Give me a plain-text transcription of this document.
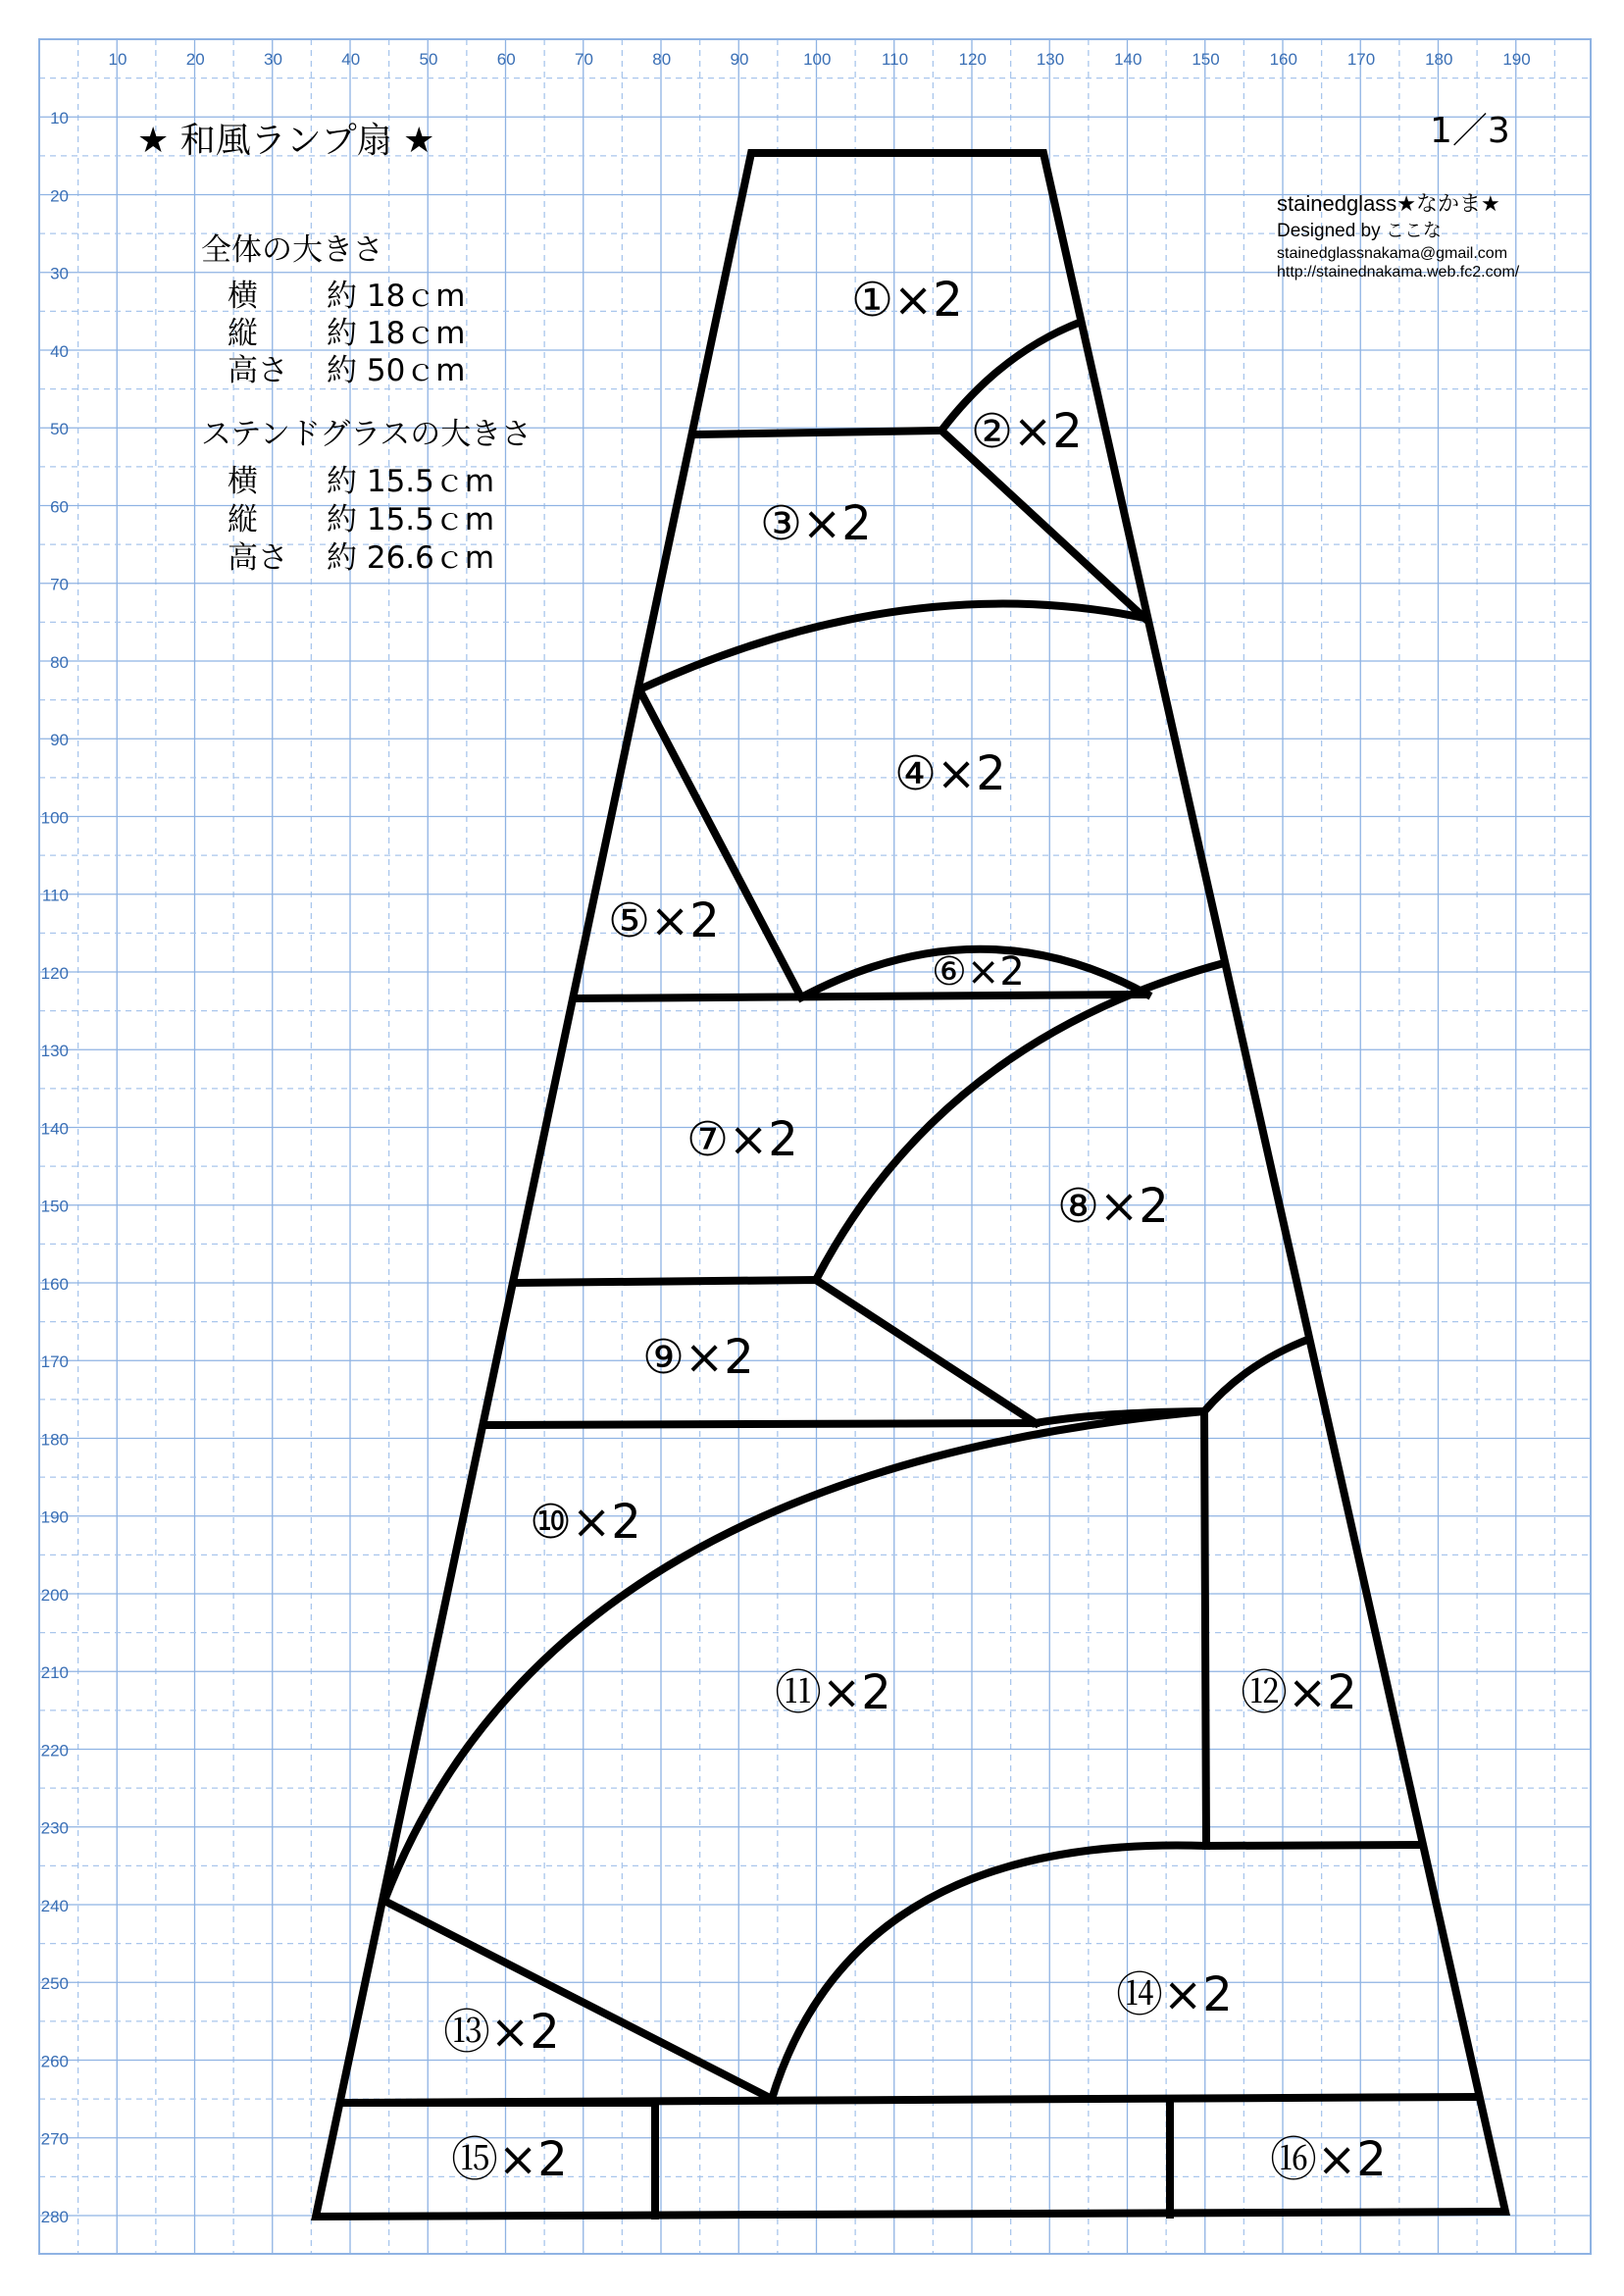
10	20	30	40	50	60	70	80	90	100	110	120	130	140	150	160	170	180	190
10
20
30
40
50
60
70
80
90
100
110
120
130
140
150
160
170
180
190
200
210
220
230
240
250
260
270
280
★ 和風ランプ扇 ★	1／3
stainedglass★なかま★
Designed by ここな
stainedglassnakama@gmail.com
http://stainednakama.web.fc2.com/
全体の大きさ
横 約 18ｃm
縦 約 18ｃm
高さ 約 50ｃm
ステンドグラスの大きさ
横 約 15.5ｃm
縦 約 15.5ｃm
高さ 約 26.6ｃm
①×2
②×2
③×2
④×2
⑤×2
⑥×2
⑦×2
⑧×2
⑨×2
⑩×2
⑪×2	⑫×2
⑬×2
⑭×2
⑮×2	⑯×2
